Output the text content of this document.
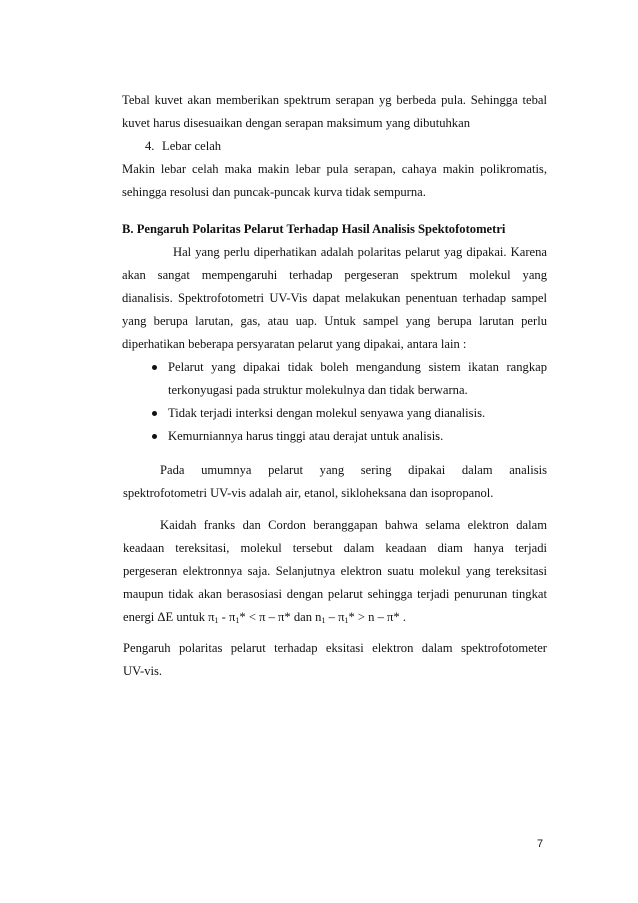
Tebal kuvet akan memberikan spektrum serapan yg berbeda pula. Sehingga tebal

kuvet harus disesuaikan dengan serapan maksimum yang dibutuhkan

4. Lebar celah

Makin lebar celah maka makin lebar pula serapan, cahaya makin polikromatis,

sehingga resolusi dan puncak-puncak kurva tidak sempurna.

B. Pengaruh Polaritas Pelarut Terhadap Hasil Analisis Spektofotometri

Hal yang perlu diperhatikan adalah polaritas pelarut yag dipakai. Karena

akan sangat mempengaruhi terhadap pergeseran spektrum molekul yang

dianalisis. Spektrofotometri UV-Vis dapat melakukan penentuan terhadap sampel

yang berupa larutan, gas, atau uap. Untuk sampel yang berupa larutan perlu

diperhatikan beberapa persyaratan pelarut yang dipakai, antara lain :

Pelarut yang dipakai tidak boleh mengandung sistem ikatan rangkap

terkonyugasi pada struktur molekulnya dan tidak berwarna.

Tidak terjadi interksi dengan molekul senyawa yang dianalisis.

Kemurniannya harus tinggi atau derajat untuk analisis.

Pada umumnya pelarut yang sering dipakai dalam analisis

spektrofotometri UV-vis adalah air, etanol, sikloheksana dan isopropanol.

Kaidah franks dan Cordon beranggapan bahwa selama elektron dalam

keadaan tereksitasi, molekul tersebut dalam keadaan diam hanya terjadi

pergeseran elektronnya saja. Selanjutnya elektron suatu molekul yang tereksitasi

maupun tidak akan berasosiasi dengan pelarut sehingga terjadi penurunan tingkat

energi ΔE untuk $\pi_1 - \pi_1* < \pi - \pi*$ dan $n_1 - \pi_1* > n - \pi*$ .

Pengaruh polaritas pelarut terhadap eksitasi elektron dalam spektrofotometer

UV-vis.

7
